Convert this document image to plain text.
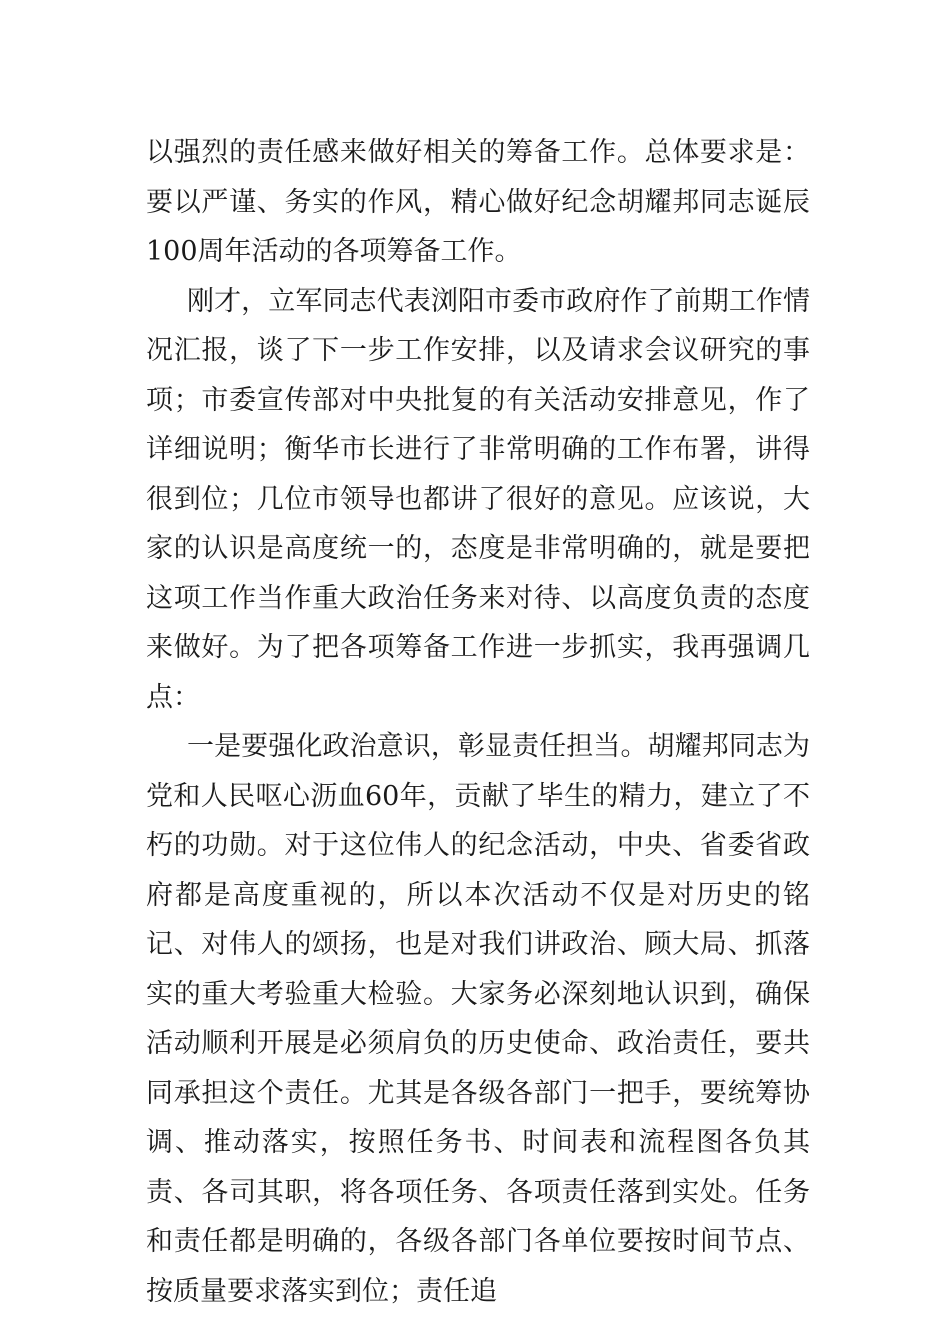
以强烈的责任感来做好相关的筹备工作。总体要求是：要以严谨、务实的作风，精心做好纪念胡耀邦同志诞辰100周年活动的各项筹备工作。

刚才，立军同志代表浏阳市委市政府作了前期工作情况汇报，谈了下一步工作安排，以及请求会议研究的事项；市委宣传部对中央批复的有关活动安排意见，作了详细说明；衡华市长进行了非常明确的工作布署，讲得很到位；几位市领导也都讲了很好的意见。应该说，大家的认识是高度统一的，态度是非常明确的，就是要把这项工作当作重大政治任务来对待、以高度负责的态度来做好。为了把各项筹备工作进一步抓实，我再强调几点：

一是要强化政治意识，彰显责任担当。胡耀邦同志为党和人民呕心沥血60年，贡献了毕生的精力，建立了不朽的功勋。对于这位伟人的纪念活动，中央、省委省政府都是高度重视的，所以本次活动不仅是对历史的铭记、对伟人的颂扬，也是对我们讲政治、顾大局、抓落实的重大考验重大检验。大家务必深刻地认识到，确保活动顺利开展是必须肩负的历史使命、政治责任，要共同承担这个责任。尤其是各级各部门一把手，要统筹协调、推动落实，按照任务书、时间表和流程图各负其责、各司其职，将各项任务、各项责任落到实处。任务和责任都是明确的，各级各部门各单位要按时间节点、按质量要求落实到位；责任追
